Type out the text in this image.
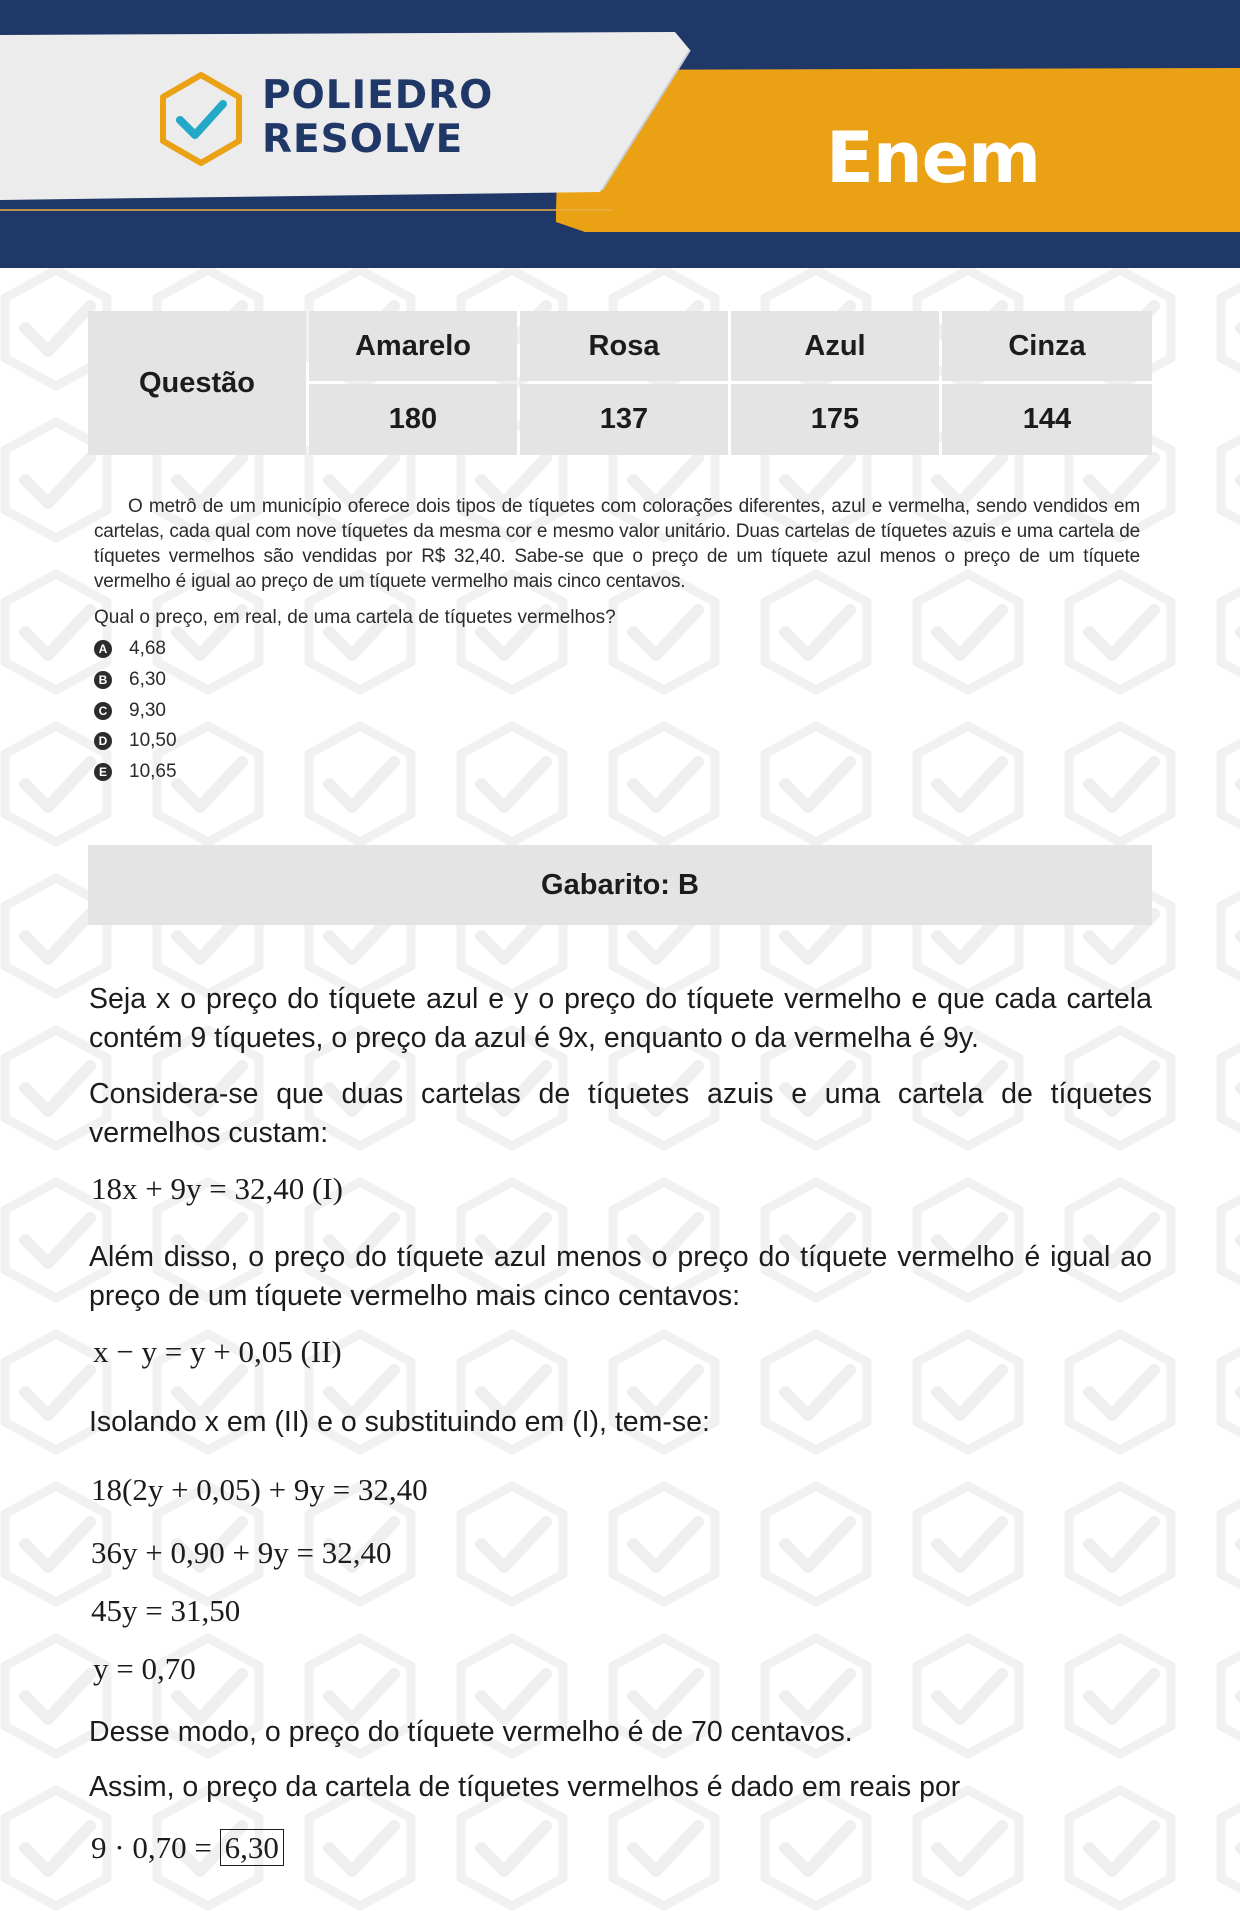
POLIEDRO
RESOLVE	Enem
Questão
Amarelo	Rosa	Azul	Cinza
180	137	175	144

O metrô de um município oferece dois tipos de tíquetes com colorações diferentes, azul e vermelha, sendo vendidos em cartelas, cada qual com nove tíquetes da mesma cor e mesmo valor unitário. Duas cartelas de tíquetes azuis e uma cartela de tíquetes vermelhos são vendidas por R$ 32,40. Sabe-se que o preço de um tíquete azul menos o preço de um tíquete vermelho é igual ao preço de um tíquete vermelho mais cinco centavos.

Qual o preço, em real, de uma cartela de tíquetes vermelhos?

A 4,68
B 6,30
C 9,30
D 10,50
E 10,65
Gabarito: B

Seja x o preço do tíquete azul e y o preço do tíquete vermelho e que cada cartela contém 9 tíquetes, o preço da azul é 9x, enquanto o da vermelha é 9y.

Considera-se que duas cartelas de tíquetes azuis e uma cartela de tíquetes vermelhos custam:

18x + 9y = 32,40 (I)

Além disso, o preço do tíquete azul menos o preço do tíquete vermelho é igual ao preço de um tíquete vermelho mais cinco centavos:

x − y = y + 0,05 (II)

Isolando x em (II) e o substituindo em (I), tem-se:

18(2y + 0,05) + 9y = 32,40

36y + 0,90 + 9y = 32,40

45y = 31,50

y = 0,70

Desse modo, o preço do tíquete vermelho é de 70 centavos.

Assim, o preço da cartela de tíquetes vermelhos é dado em reais por

9 · 0,70 = 6,30
